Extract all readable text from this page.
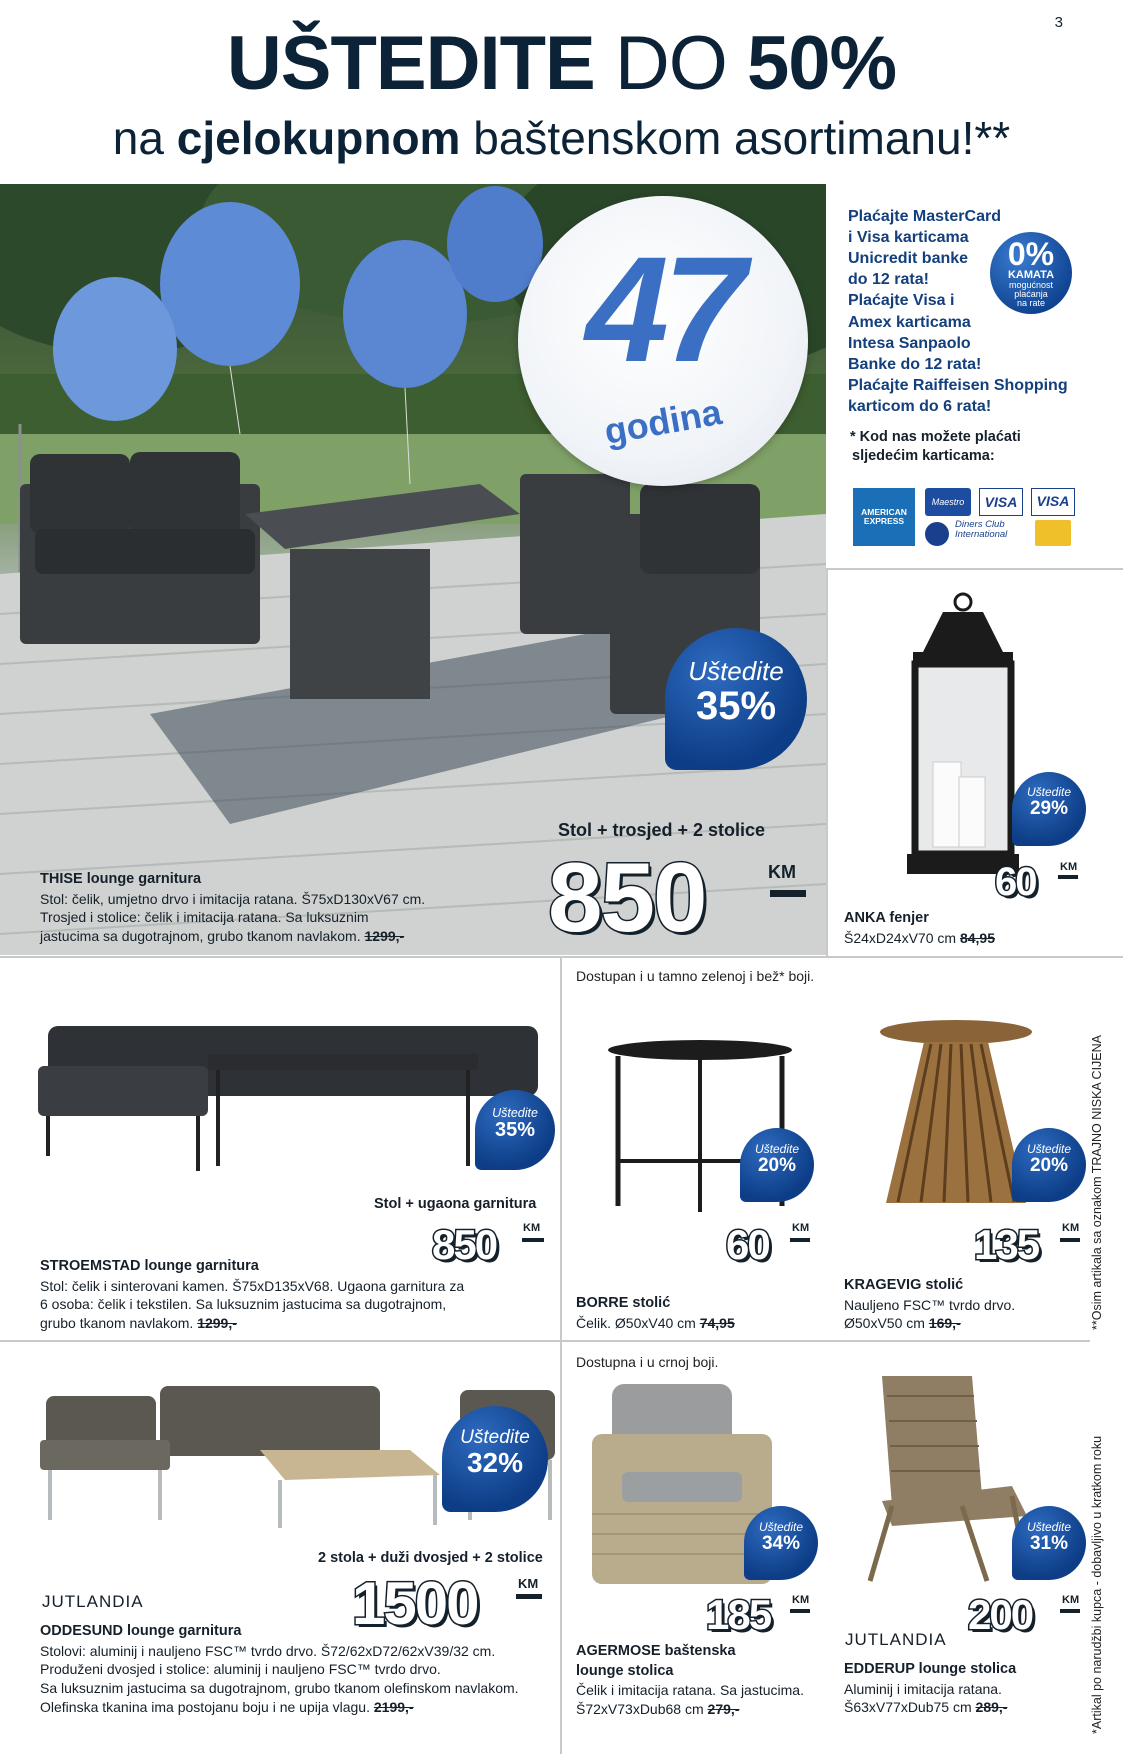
3
UŠTEDITE DO 50%
na cjelokupnom baštenskom asortimanu!**
47
godina
Plaćajte MasterCard
i Visa karticama
Unicredit banke
do 12 rata!
Plaćajte Visa i
Amex karticama
Intesa Sanpaolo
Banke do 12 rata!
Plaćajte Raiffeisen Shopping
karticom do 6 rata!
0%
KAMATA
mogućnost
plaćanja
na rate
* Kod nas možete plaćati
sljedećim karticama:
AMERICAN EXPRESS
Maestro	VISA	VISA
Diners Club International
Uštedite
35%
Stol + trosjed + 2 stolice
850	KM
THISE lounge garnitura
Stol: čelik, umjetno drvo i imitacija ratana. Š75xD130xV67 cm.
Trosjed i stolice: čelik i imitacija ratana. Sa luksuznim
jastucima sa dugotrajnom, grubo tkanom navlakom. 1299,-
Uštedite
29%
60 KM
ANKA fenjer
Š24xD24xV70 cm 84,95
Uštedite
35%
Stol + ugaona garnitura
850 KM
STROEMSTAD lounge garnitura
Stol: čelik i sinterovani kamen. Š75xD135xV68. Ugaona garnitura za
6 osoba: čelik i tekstilen. Sa luksuznim jastucima sa dugotrajnom,
grubo tkanom navlakom. 1299,-
Dostupan i u tamno zelenoj i bež* boji.
Uštedite
20%
60 KM
BORRE stolić
Čelik. Ø50xV40 cm 74,95
Uštedite
20%
135 KM
KRAGEVIG stolić
Nauljeno FSC™ tvrdo drvo.
Ø50xV50 cm 169,-
Uštedite
32%
2 stola + duži dvosjed + 2 stolice
1500	KM
JUTLANDIA
ODDESUND lounge garnitura
Stolovi: aluminij i nauljeno FSC™ tvrdo drvo. Š72/62xD72/62xV39/32 cm.
Produženi dvosjed i stolice: aluminij i nauljeno FSC™ tvrdo drvo.
Sa luksuznim jastucima sa dugotrajnom, grubo tkanom olefinskom navlakom.
Olefinska tkanina ima postojanu boju i ne upija vlagu. 2199,-
Dostupna i u crnoj boji.
Uštedite
34%
185 KM
AGERMOSE baštenska
lounge stolica
Čelik i imitacija ratana. Sa jastucima.
Š72xV73xDub68 cm 279,-
Uštedite
31%
200	KM
JUTLANDIA
EDDERUP lounge stolica
Aluminij i imitacija ratana.
Š63xV77xDub75 cm 289,-
**Osim artikala sa oznakom TRAJNO NISKA CIJENA
*Artikal po narudžbi kupca - dobavljivo u kratkom roku
